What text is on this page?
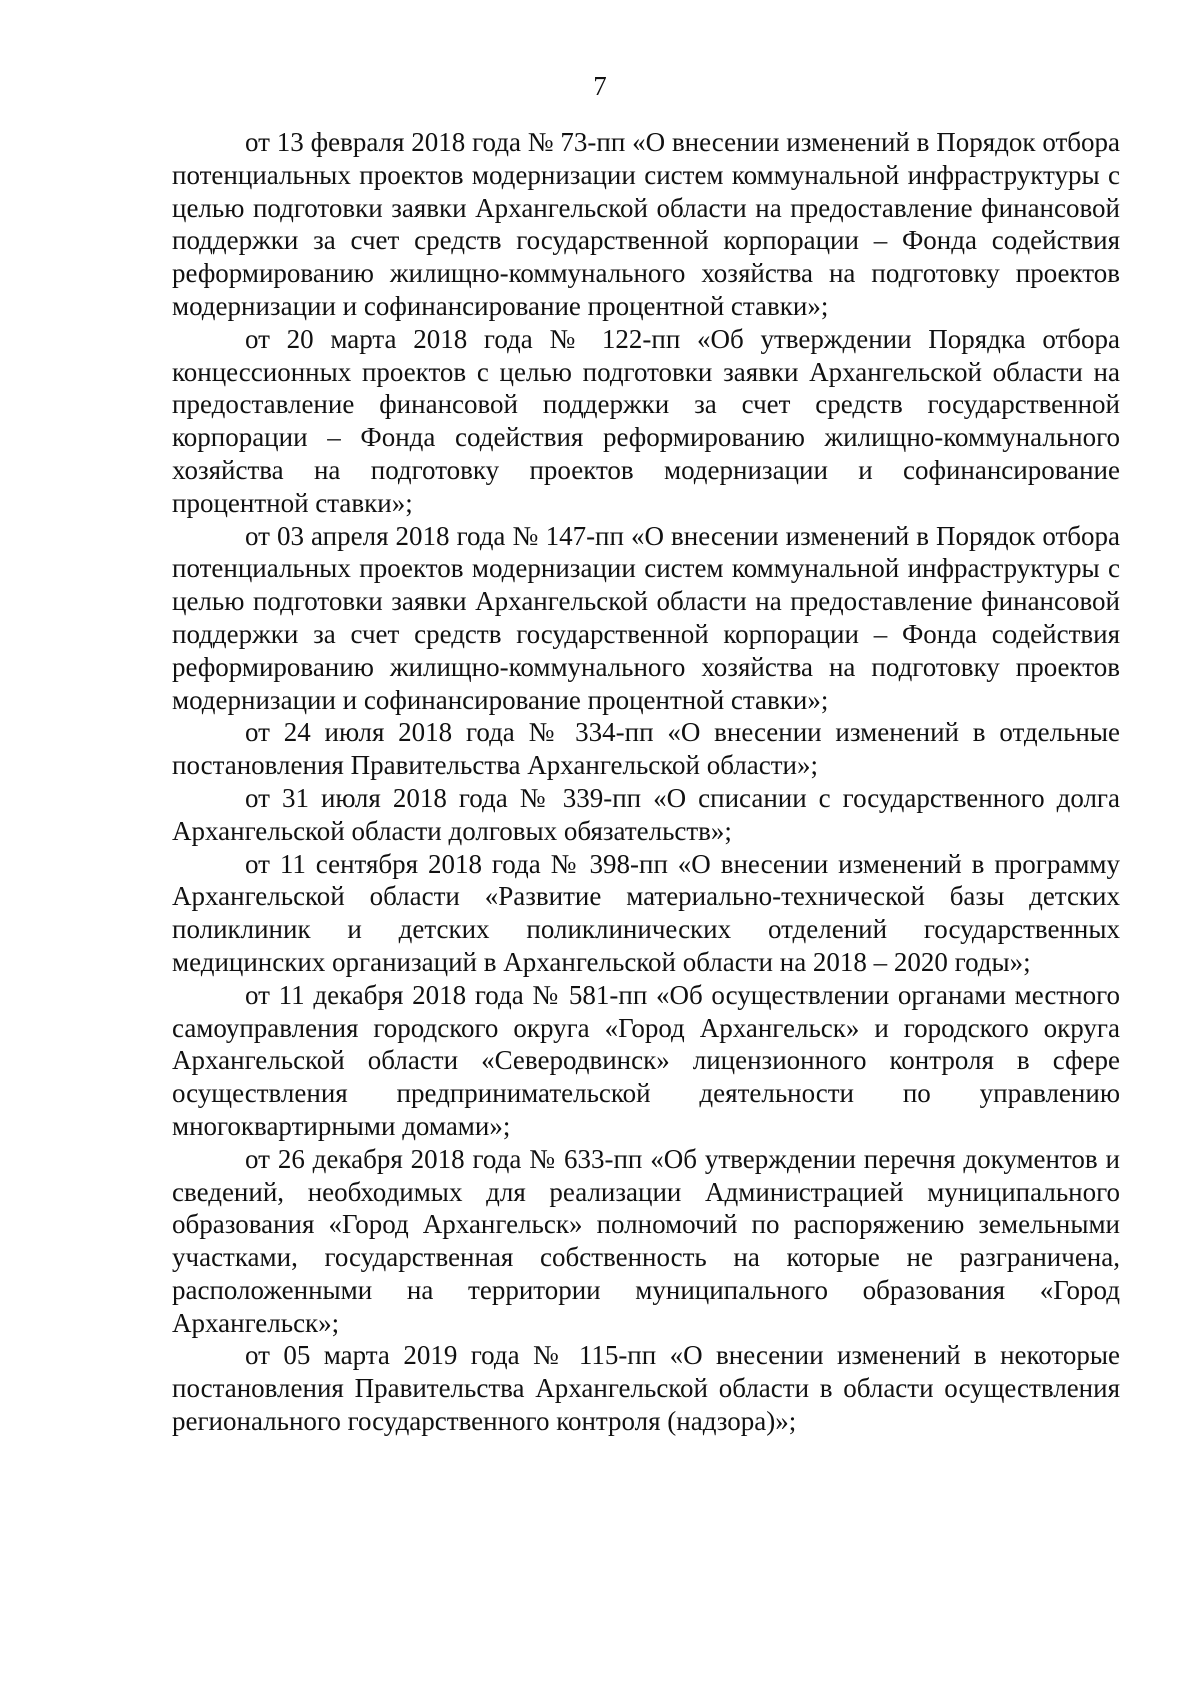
7

от 13 февраля 2018 года № 73-пп «О внесении изменений в Порядок отбора потенциальных проектов модернизации систем коммунальной инфраструктуры с целью подготовки заявки Архангельской области на предоставление финансовой поддержки за счет средств государственной корпорации – Фонда содействия реформированию жилищно-коммунального хозяйства на подготовку проектов модернизации и софинансирование процентной ставки»;

от 20 марта 2018 года № 122-пп «Об утверждении Порядка отбора концессионных проектов с целью подготовки заявки Архангельской области на предоставление финансовой поддержки за счет средств государственной корпорации – Фонда содействия реформированию жилищно-коммунального хозяйства на подготовку проектов модернизации и софинансирование процентной ставки»;

от 03 апреля 2018 года № 147-пп «О внесении изменений в Порядок отбора потенциальных проектов модернизации систем коммунальной инфраструктуры с целью подготовки заявки Архангельской области на предоставление финансовой поддержки за счет средств государственной корпорации – Фонда содействия реформированию жилищно-коммунального хозяйства на подготовку проектов модернизации и софинансирование процентной ставки»;

от 24 июля 2018 года № 334-пп «О внесении изменений в отдельные постановления Правительства Архангельской области»;

от 31 июля 2018 года № 339-пп «О списании с государственного долга Архангельской области долговых обязательств»;

от 11 сентября 2018 года № 398-пп «О внесении изменений в программу Архангельской области «Развитие материально-технической базы детских поликлиник и детских поликлинических отделений государственных медицинских организаций в Архангельской области на 2018 – 2020 годы»;

от 11 декабря 2018 года № 581-пп «Об осуществлении органами местного самоуправления городского округа «Город Архангельск» и городского округа Архангельской области «Северодвинск» лицензионного контроля в сфере осуществления предпринимательской деятельности по управлению многоквартирными домами»;

от 26 декабря 2018 года № 633-пп «Об утверждении перечня документов и сведений, необходимых для реализации Администрацией муниципального образования «Город Архангельск» полномочий по распоряжению земельными участками, государственная собственность на которые не разграничена, расположенными на территории муниципального образования «Город Архангельск»;

от 05 марта 2019 года № 115-пп «О внесении изменений в некоторые постановления Правительства Архангельской области в области осуществления регионального государственного контроля (надзора)»;
